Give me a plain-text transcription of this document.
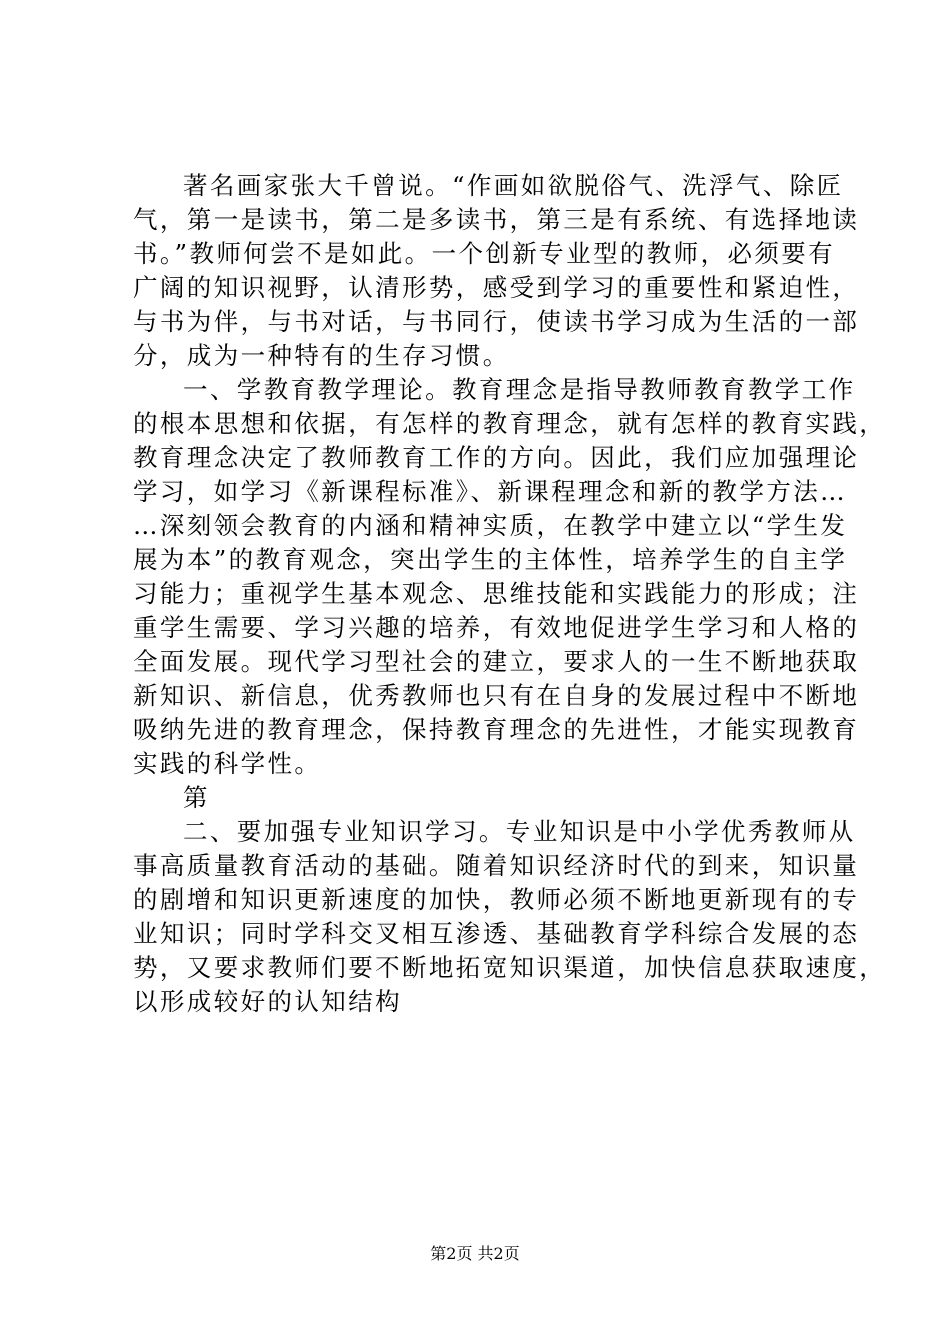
著名画家张大千曾说。“作画如欲脱俗气、洗浮气、除匠
气，第一是读书，第二是多读书，第三是有系统、有选择地读
书。”教师何尝不是如此。一个创新专业型的教师，必须要有
广阔的知识视野，认清形势，感受到学习的重要性和紧迫性，
与书为伴，与书对话，与书同行，使读书学习成为生活的一部
分，成为一种特有的生存习惯。
一、学教育教学理论。教育理念是指导教师教育教学工作
的根本思想和依据，有怎样的教育理念，就有怎样的教育实践，
教育理念决定了教师教育工作的方向。因此，我们应加强理论
学习，如学习《新课程标准》、新课程理念和新的教学方法…
…深刻领会教育的内涵和精神实质，在教学中建立以“学生发
展为本”的教育观念，突出学生的主体性，培养学生的自主学
习能力；重视学生基本观念、思维技能和实践能力的形成；注
重学生需要、学习兴趣的培养，有效地促进学生学习和人格的
全面发展。现代学习型社会的建立，要求人的一生不断地获取
新知识、新信息，优秀教师也只有在自身的发展过程中不断地
吸纳先进的教育理念，保持教育理念的先进性，才能实现教育
实践的科学性。
第
二、要加强专业知识学习。专业知识是中小学优秀教师从
事高质量教育活动的基础。随着知识经济时代的到来，知识量
的剧增和知识更新速度的加快，教师必须不断地更新现有的专
业知识；同时学科交叉相互渗透、基础教育学科综合发展的态
势，又要求教师们要不断地拓宽知识渠道，加快信息获取速度，
以形成较好的认知结构
第2页 共2页
